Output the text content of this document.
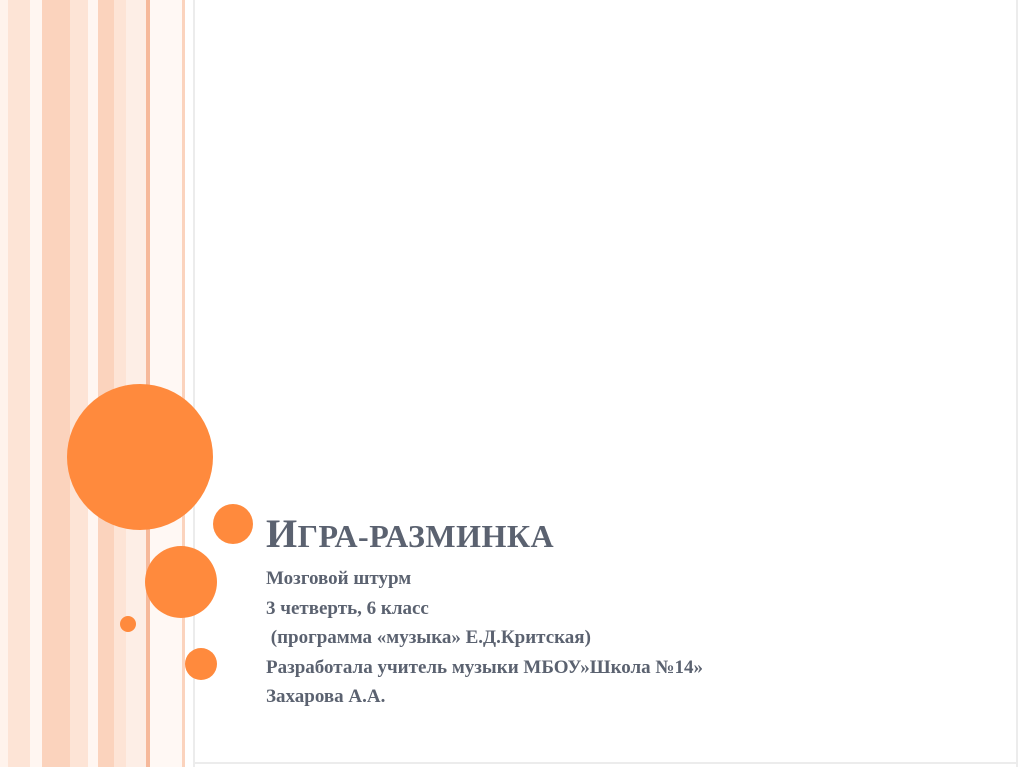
ИГРА-РАЗМИНКА
Мозговой штурм
3 четверть, 6 класс
(программа «музыка» Е.Д.Критская)
Разработала учитель музыки МБОУ»Школа №14»
Захарова А.А.
